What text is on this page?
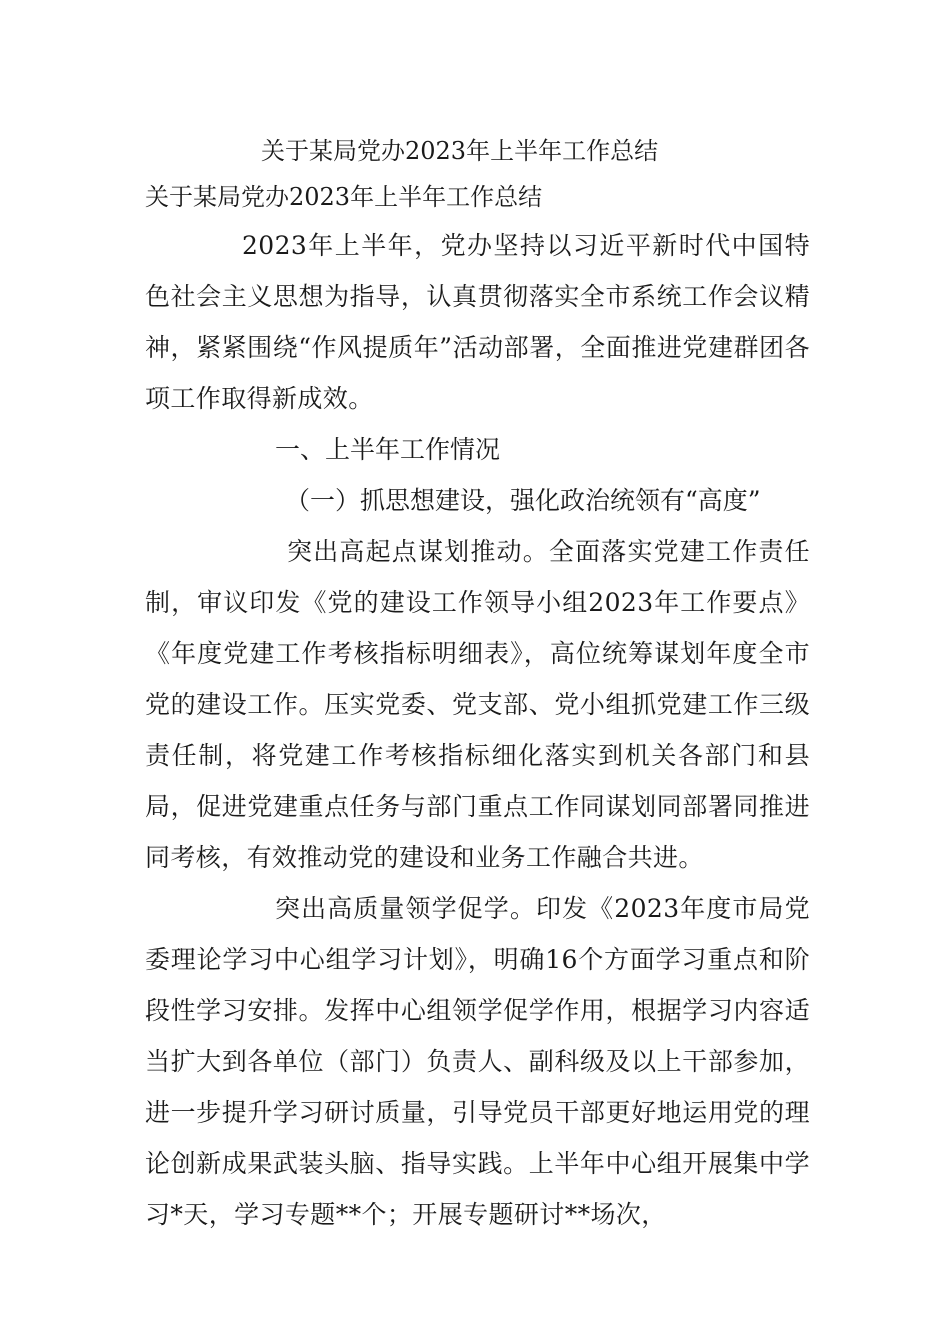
关于某局党办2023年上半年工作总结
关于某局党办2023年上半年工作总结

2023年上半年，党办坚持以习近平新时代中国特色社会主义思想为指导，认真贯彻落实全市系统工作会议精神，紧紧围绕“作风提质年”活动部署，全面推进党建群团各项工作取得新成效。

一、上半年工作情况

（一）抓思想建设，强化政治统领有“高度”

突出高起点谋划推动。全面落实党建工作责任制，审议印发《党的建设工作领导小组2023年工作要点》《年度党建工作考核指标明细表》，高位统筹谋划年度全市党的建设工作。压实党委、党支部、党小组抓党建工作三级责任制，将党建工作考核指标细化落实到机关各部门和县局，促进党建重点任务与部门重点工作同谋划同部署同推进同考核，有效推动党的建设和业务工作融合共进。

突出高质量领学促学。印发《2023年度市局党委理论学习中心组学习计划》，明确16个方面学习重点和阶段性学习安排。发挥中心组领学促学作用，根据学习内容适当扩大到各单位（部门）负责人、副科级及以上干部参加，进一步提升学习研讨质量，引导党员干部更好地运用党的理论创新成果武装头脑、指导实践。上半年中心组开展集中学习*天，学习专题**个；开展专题研讨**场次，
